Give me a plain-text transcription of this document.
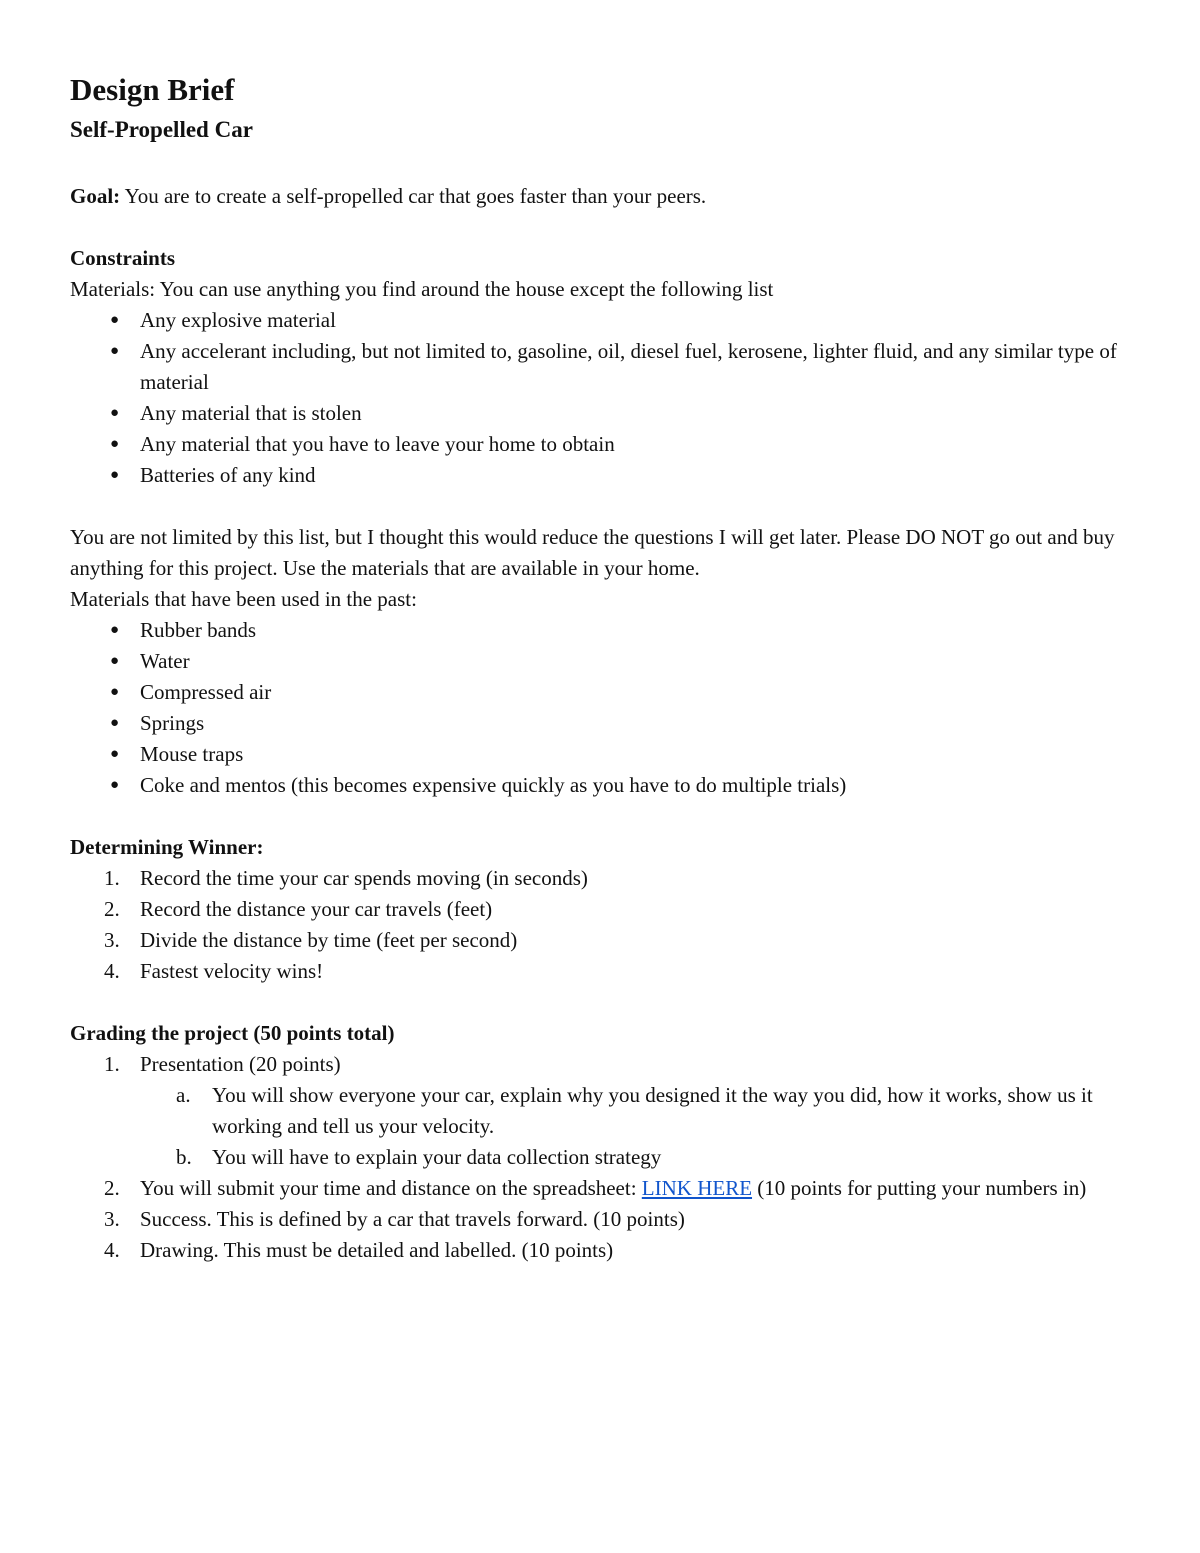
Design Brief
Self-Propelled Car

Goal: You are to create a self-propelled car that goes faster than your peers.

Constraints

Materials: You can use anything you find around the house except the following list

● Any explosive material
● Any accelerant including, but not limited to, gasoline, oil, diesel fuel, kerosene, lighter fluid, and any similar type of material
● Any material that is stolen
● Any material that you have to leave your home to obtain
● Batteries of any kind

You are not limited by this list, but I thought this would reduce the questions I will get later. Please DO NOT go out and buy anything for this project. Use the materials that are available in your home.

Materials that have been used in the past:

● Rubber bands
● Water
● Compressed air
● Springs
● Mouse traps
● Coke and mentos (this becomes expensive quickly as you have to do multiple trials)

Determining Winner:

1. Record the time your car spends moving (in seconds)
2. Record the distance your car travels (feet)
3. Divide the distance by time (feet per second)
4. Fastest velocity wins!

Grading the project (50 points total)

1. Presentation (20 points)
a. You will show everyone your car, explain why you designed it the way you did, how it works, show us it working and tell us your velocity.
b. You will have to explain your data collection strategy
2. You will submit your time and distance on the spreadsheet: LINK HERE (10 points for putting your numbers in)
3. Success. This is defined by a car that travels forward. (10 points)
4. Drawing. This must be detailed and labelled. (10 points)
